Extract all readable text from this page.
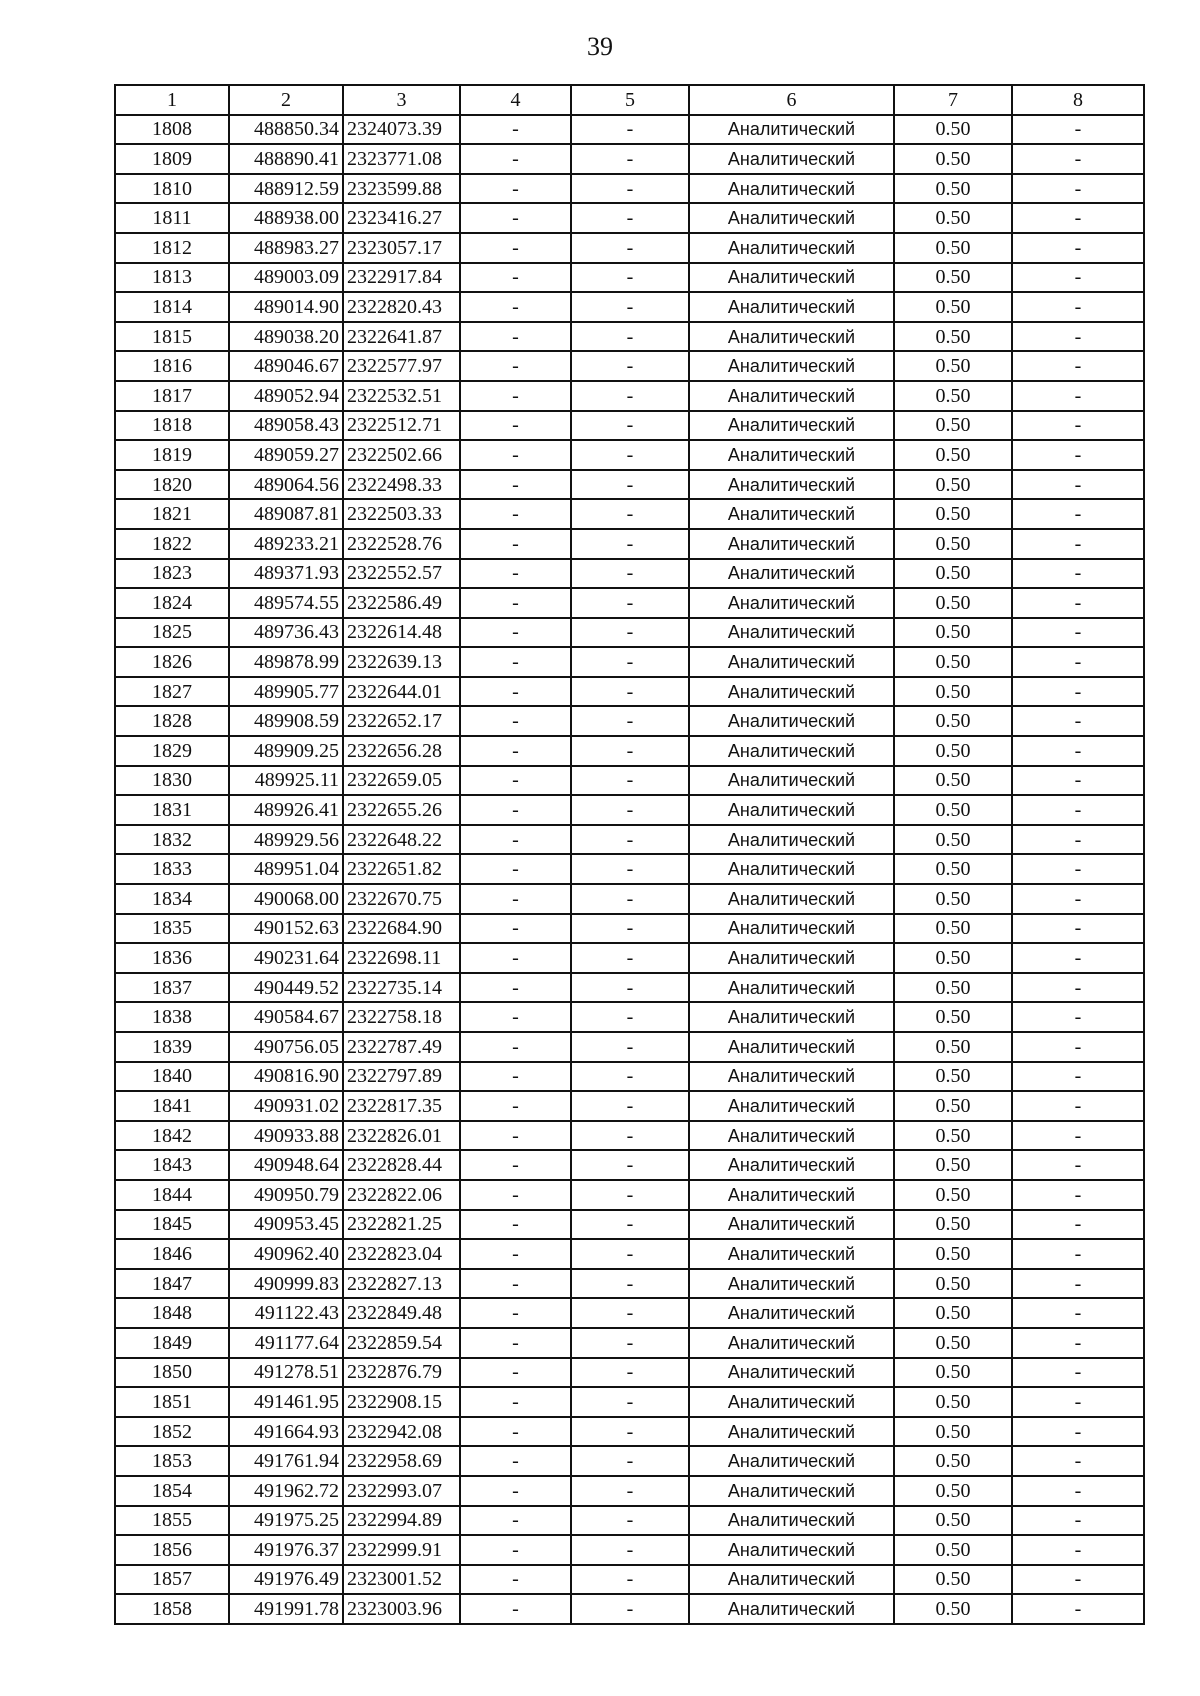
39
1	2	3	4	5	6	7	8
1808	488850.34	2324073.39	-	-	Аналитический	0.50	-
1809	488890.41	2323771.08	-	-	Аналитический	0.50	-
1810	488912.59	2323599.88	-	-	Аналитический	0.50	-
1811	488938.00	2323416.27	-	-	Аналитический	0.50	-
1812	488983.27	2323057.17	-	-	Аналитический	0.50	-
1813	489003.09	2322917.84	-	-	Аналитический	0.50	-
1814	489014.90	2322820.43	-	-	Аналитический	0.50	-
1815	489038.20	2322641.87	-	-	Аналитический	0.50	-
1816	489046.67	2322577.97	-	-	Аналитический	0.50	-
1817	489052.94	2322532.51	-	-	Аналитический	0.50	-
1818	489058.43	2322512.71	-	-	Аналитический	0.50	-
1819	489059.27	2322502.66	-	-	Аналитический	0.50	-
1820	489064.56	2322498.33	-	-	Аналитический	0.50	-
1821	489087.81	2322503.33	-	-	Аналитический	0.50	-
1822	489233.21	2322528.76	-	-	Аналитический	0.50	-
1823	489371.93	2322552.57	-	-	Аналитический	0.50	-
1824	489574.55	2322586.49	-	-	Аналитический	0.50	-
1825	489736.43	2322614.48	-	-	Аналитический	0.50	-
1826	489878.99	2322639.13	-	-	Аналитический	0.50	-
1827	489905.77	2322644.01	-	-	Аналитический	0.50	-
1828	489908.59	2322652.17	-	-	Аналитический	0.50	-
1829	489909.25	2322656.28	-	-	Аналитический	0.50	-
1830	489925.11	2322659.05	-	-	Аналитический	0.50	-
1831	489926.41	2322655.26	-	-	Аналитический	0.50	-
1832	489929.56	2322648.22	-	-	Аналитический	0.50	-
1833	489951.04	2322651.82	-	-	Аналитический	0.50	-
1834	490068.00	2322670.75	-	-	Аналитический	0.50	-
1835	490152.63	2322684.90	-	-	Аналитический	0.50	-
1836	490231.64	2322698.11	-	-	Аналитический	0.50	-
1837	490449.52	2322735.14	-	-	Аналитический	0.50	-
1838	490584.67	2322758.18	-	-	Аналитический	0.50	-
1839	490756.05	2322787.49	-	-	Аналитический	0.50	-
1840	490816.90	2322797.89	-	-	Аналитический	0.50	-
1841	490931.02	2322817.35	-	-	Аналитический	0.50	-
1842	490933.88	2322826.01	-	-	Аналитический	0.50	-
1843	490948.64	2322828.44	-	-	Аналитический	0.50	-
1844	490950.79	2322822.06	-	-	Аналитический	0.50	-
1845	490953.45	2322821.25	-	-	Аналитический	0.50	-
1846	490962.40	2322823.04	-	-	Аналитический	0.50	-
1847	490999.83	2322827.13	-	-	Аналитический	0.50	-
1848	491122.43	2322849.48	-	-	Аналитический	0.50	-
1849	491177.64	2322859.54	-	-	Аналитический	0.50	-
1850	491278.51	2322876.79	-	-	Аналитический	0.50	-
1851	491461.95	2322908.15	-	-	Аналитический	0.50	-
1852	491664.93	2322942.08	-	-	Аналитический	0.50	-
1853	491761.94	2322958.69	-	-	Аналитический	0.50	-
1854	491962.72	2322993.07	-	-	Аналитический	0.50	-
1855	491975.25	2322994.89	-	-	Аналитический	0.50	-
1856	491976.37	2322999.91	-	-	Аналитический	0.50	-
1857	491976.49	2323001.52	-	-	Аналитический	0.50	-
1858	491991.78	2323003.96	-	-	Аналитический	0.50	-
